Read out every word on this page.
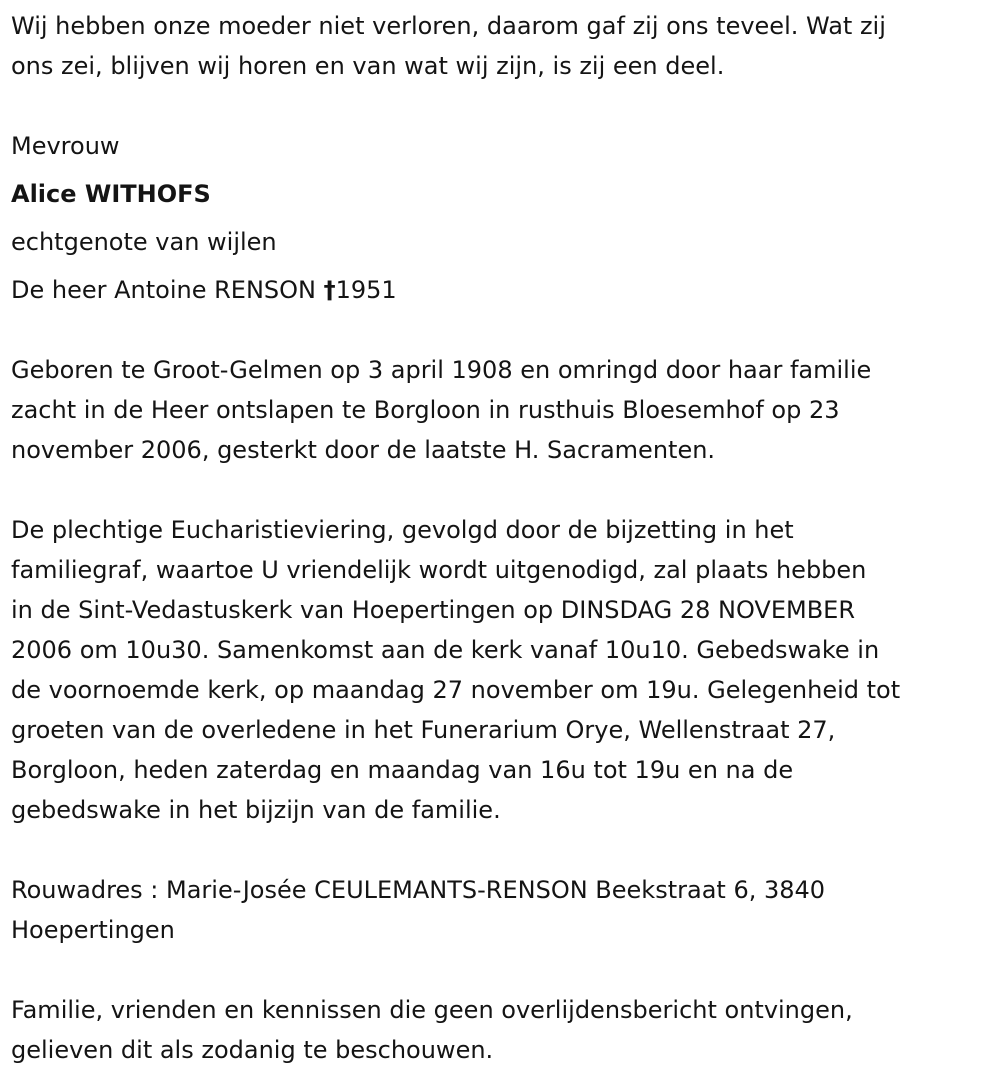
Wij hebben onze moeder niet verloren, daarom gaf zij ons teveel. Wat zij

ons zei, blijven wij horen en van wat wij zijn, is zij een deel.

Mevrouw

Alice WITHOFS

echtgenote van wijlen

De heer Antoine RENSON †1951

Geboren te Groot-Gelmen op 3 april 1908 en omringd door haar familie

zacht in de Heer ontslapen te Borgloon in rusthuis Bloesemhof op 23

november 2006, gesterkt door de laatste H. Sacramenten.

De plechtige Eucharistieviering, gevolgd door de bijzetting in het

familiegraf, waartoe U vriendelijk wordt uitgenodigd, zal plaats hebben

in de Sint-Vedastuskerk van Hoepertingen op DINSDAG 28 NOVEMBER

2006 om 10u30. Samenkomst aan de kerk vanaf 10u10. Gebedswake in

de voornoemde kerk, op maandag 27 november om 19u. Gelegenheid tot

groeten van de overledene in het Funerarium Orye, Wellenstraat 27,

Borgloon, heden zaterdag en maandag van 16u tot 19u en na de

gebedswake in het bijzijn van de familie.

Rouwadres : Marie-Josée CEULEMANTS-RENSON Beekstraat 6, 3840

Hoepertingen

Familie, vrienden en kennissen die geen overlijdensbericht ontvingen,

gelieven dit als zodanig te beschouwen.
